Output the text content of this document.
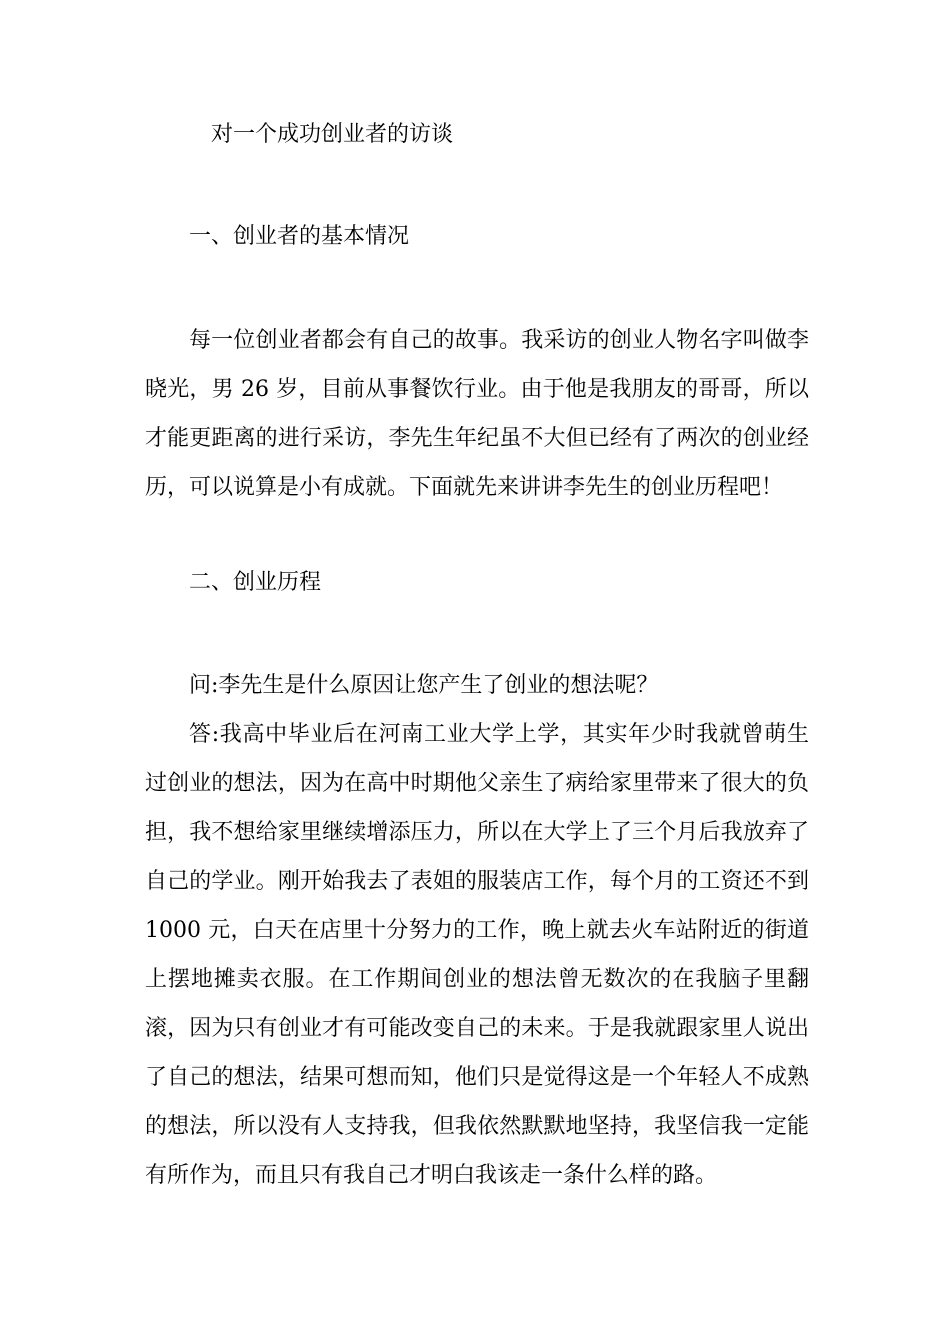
对一个成功创业者的访谈
一、创业者的基本情况

每一位创业者都会有自己的故事。我采访的创业人物名字叫做李晓光，男 26 岁，目前从事餐饮行业。由于他是我朋友的哥哥，所以才能更距离的进行采访，李先生年纪虽不大但已经有了两次的创业经历，可以说算是小有成就。下面就先来讲讲李先生的创业历程吧！

二、创业历程

问:李先生是什么原因让您产生了创业的想法呢？

答:我高中毕业后在河南工业大学上学，其实年少时我就曾萌生过创业的想法，因为在高中时期他父亲生了病给家里带来了很大的负担，我不想给家里继续增添压力，所以在大学上了三个月后我放弃了自己的学业。刚开始我去了表姐的服装店工作，每个月的工资还不到 1000 元，白天在店里十分努力的工作，晚上就去火车站附近的街道上摆地摊卖衣服。在工作期间创业的想法曾无数次的在我脑子里翻滚，因为只有创业才有可能改变自己的未来。于是我就跟家里人说出了自己的想法，结果可想而知，他们只是觉得这是一个年轻人不成熟的想法，所以没有人支持我，但我依然默默地坚持，我坚信我一定能有所作为，而且只有我自己才明白我该走一条什么样的路。
